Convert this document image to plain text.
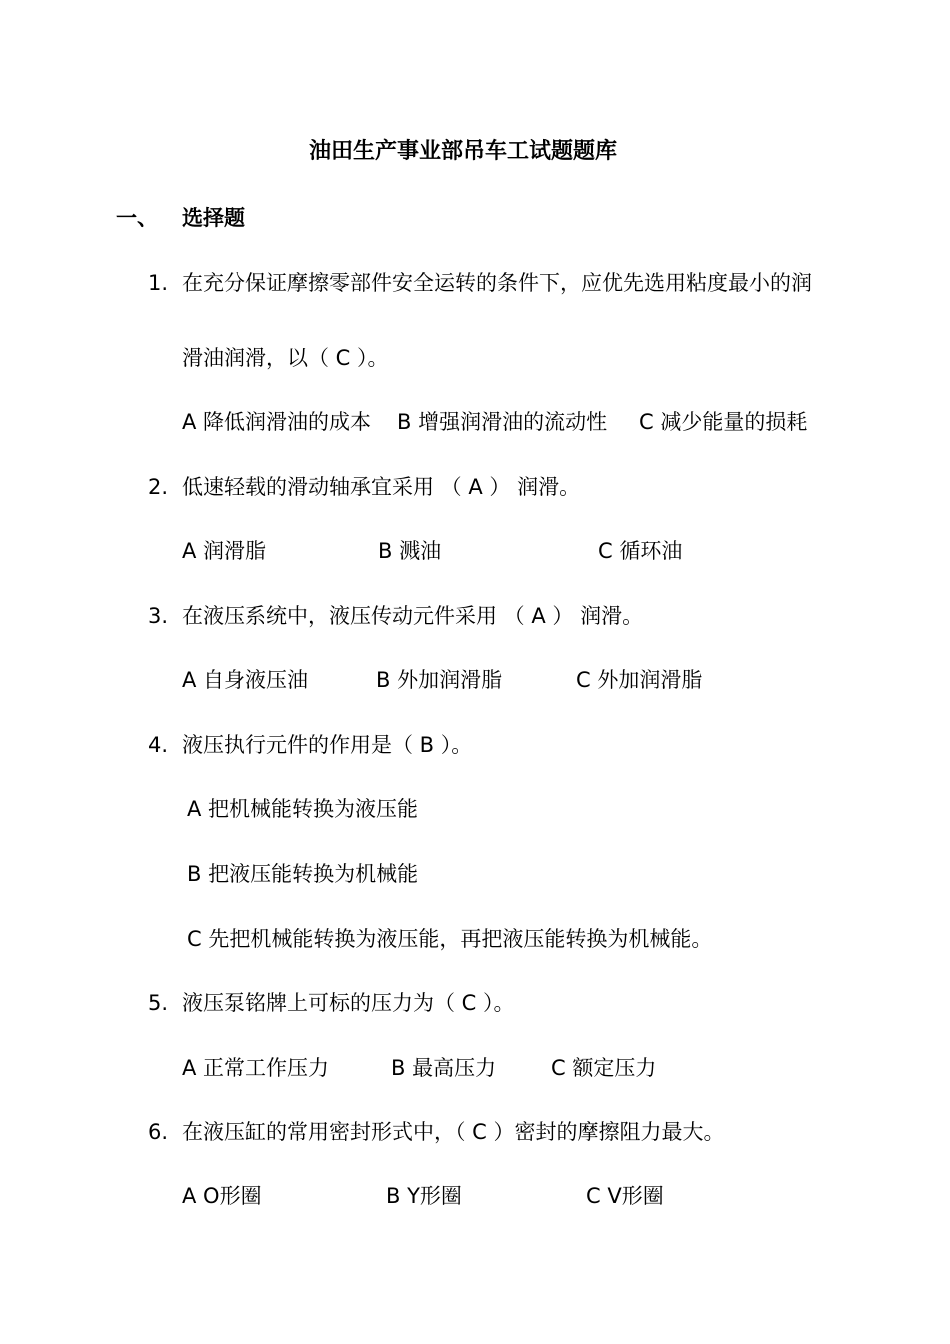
油田生产事业部吊车工试题题库
一、 选择题
1. 在充分保证摩擦零部件安全运转的条件下，应优先选用粘度最小的润
滑油润滑，以（ C ）。
A 降低润滑油的成本 B 增强润滑油的流动性 C 减少能量的损耗
2. 低速轻载的滑动轴承宜采用 （ A ） 润滑。
A 润滑脂	B 溅油	C 循环油
3. 在液压系统中，液压传动元件采用 （ A ） 润滑。
A 自身液压油	B 外加润滑脂	C 外加润滑脂
4. 液压执行元件的作用是（ B ）。
A 把机械能转换为液压能
B 把液压能转换为机械能
C 先把机械能转换为液压能，再把液压能转换为机械能。
5. 液压泵铭牌上可标的压力为（ C ）。
A 正常工作压力	B 最高压力	C 额定压力
6. 在液压缸的常用密封形式中，（ C ）密封的摩擦阻力最大。
A O形圈	B Y形圈	C V形圈
